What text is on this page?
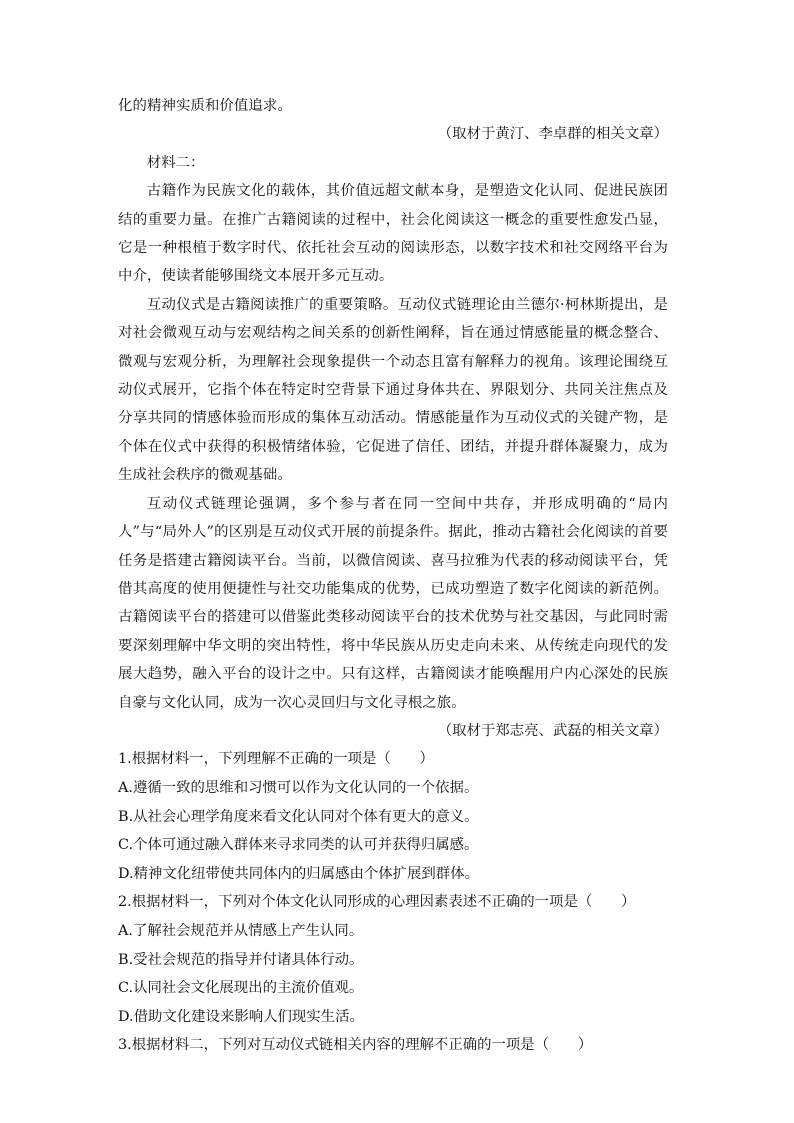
化的精神实质和价值追求。

（取材于黄汀、李卓群的相关文章）

材料二：

古籍作为民族文化的载体，其价值远超文献本身，是塑造文化认同、促进民族团结的重要力量。在推广古籍阅读的过程中，社会化阅读这一概念的重要性愈发凸显，它是一种根植于数字时代、依托社会互动的阅读形态，以数字技术和社交网络平台为中介，使读者能够围绕文本展开多元互动。

互动仪式是古籍阅读推广的重要策略。互动仪式链理论由兰德尔·柯林斯提出，是对社会微观互动与宏观结构之间关系的创新性阐释，旨在通过情感能量的概念整合、微观与宏观分析，为理解社会现象提供一个动态且富有解释力的视角。该理论围绕互动仪式展开，它指个体在特定时空背景下通过身体共在、界限划分、共同关注焦点及分享共同的情感体验而形成的集体互动活动。情感能量作为互动仪式的关键产物，是个体在仪式中获得的积极情绪体验，它促进了信任、团结，并提升群体凝聚力，成为生成社会秩序的微观基础。

互动仪式链理论强调，多个参与者在同一空间中共存，并形成明确的“局内人”与“局外人”的区别是互动仪式开展的前提条件。据此，推动古籍社会化阅读的首要任务是搭建古籍阅读平台。当前，以微信阅读、喜马拉雅为代表的移动阅读平台，凭借其高度的使用便捷性与社交功能集成的优势，已成功塑造了数字化阅读的新范例。古籍阅读平台的搭建可以借鉴此类移动阅读平台的技术优势与社交基因，与此同时需要深刻理解中华文明的突出特性，将中华民族从历史走向未来、从传统走向现代的发展大趋势，融入平台的设计之中。只有这样，古籍阅读才能唤醒用户内心深处的民族自豪与文化认同，成为一次心灵回归与文化寻根之旅。

（取材于郑志亮、武磊的相关文章）

1.根据材料一，下列理解不正确的一项是（　　）

A.遵循一致的思维和习惯可以作为文化认同的一个依据。

B.从社会心理学角度来看文化认同对个体有更大的意义。

C.个体可通过融入群体来寻求同类的认可并获得归属感。

D.精神文化纽带使共同体内的归属感由个体扩展到群体。

2.根据材料一，下列对个体文化认同形成的心理因素表述不正确的一项是（　　）

A.了解社会规范并从情感上产生认同。

B.受社会规范的指导并付诸具体行动。

C.认同社会文化展现出的主流价值观。

D.借助文化建设来影响人们现实生活。

3.根据材料二，下列对互动仪式链相关内容的理解不正确的一项是（　　）
